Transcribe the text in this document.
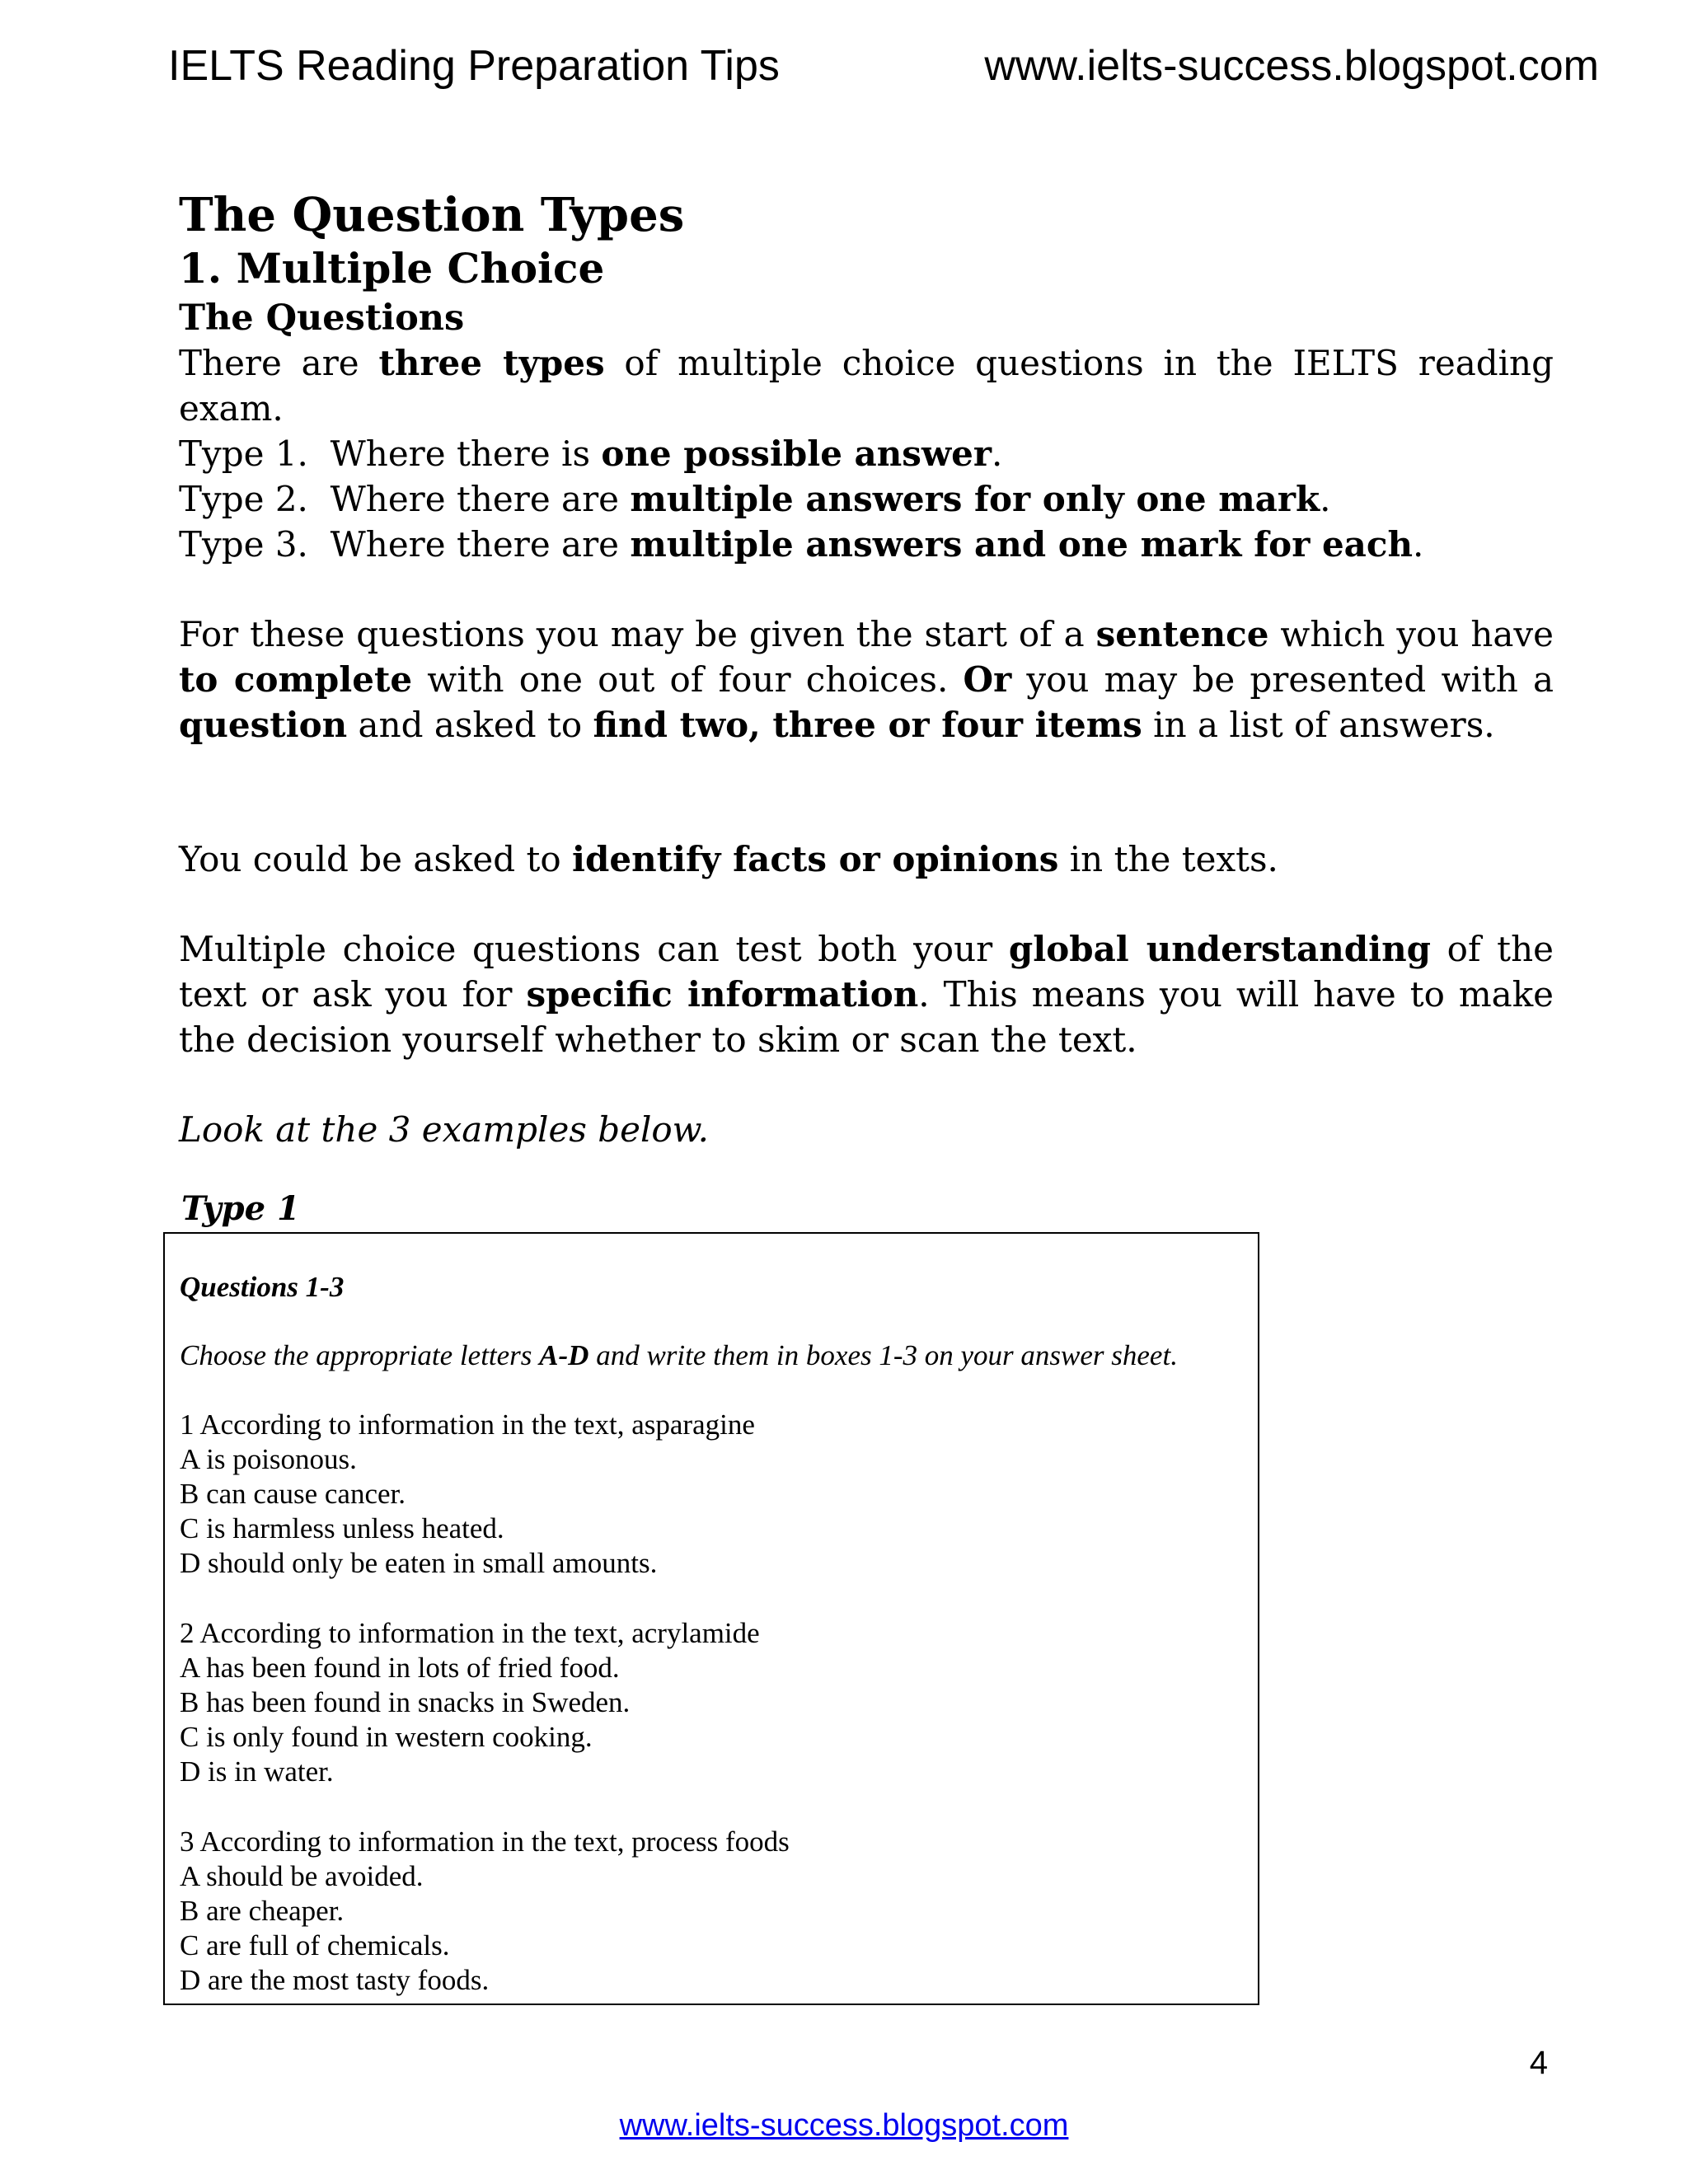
IELTS Reading Preparation Tips	www.ielts-success.blogspot.com
The Question Types
1. Multiple Choice
The Questions
There are three types of multiple choice questions in the IELTS reading exam.
Type 1. Where there is one possible answer.
Type 2. Where there are multiple answers for only one mark.
Type 3. Where there are multiple answers and one mark for each.
For these questions you may be given the start of a sentence which you have to complete with one out of four choices. Or you may be presented with a question and asked to find two, three or four items in a list of answers.
You could be asked to identify facts or opinions in the texts.
Multiple choice questions can test both your global understanding of the text or ask you for specific information. This means you will have to make the decision yourself whether to skim or scan the text.
Look at the 3 examples below.
Type 1
Questions 1-3
Choose the appropriate letters A-D and write them in boxes 1-3 on your answer sheet.
1 According to information in the text, asparagine
A is poisonous.
B can cause cancer.
C is harmless unless heated.
D should only be eaten in small amounts.
2 According to information in the text, acrylamide
A has been found in lots of fried food.
B has been found in snacks in Sweden.
C is only found in western cooking.
D is in water.
3 According to information in the text, process foods
A should be avoided.
B are cheaper.
C are full of chemicals.
D are the most tasty foods.
4
www.ielts-success.blogspot.com
